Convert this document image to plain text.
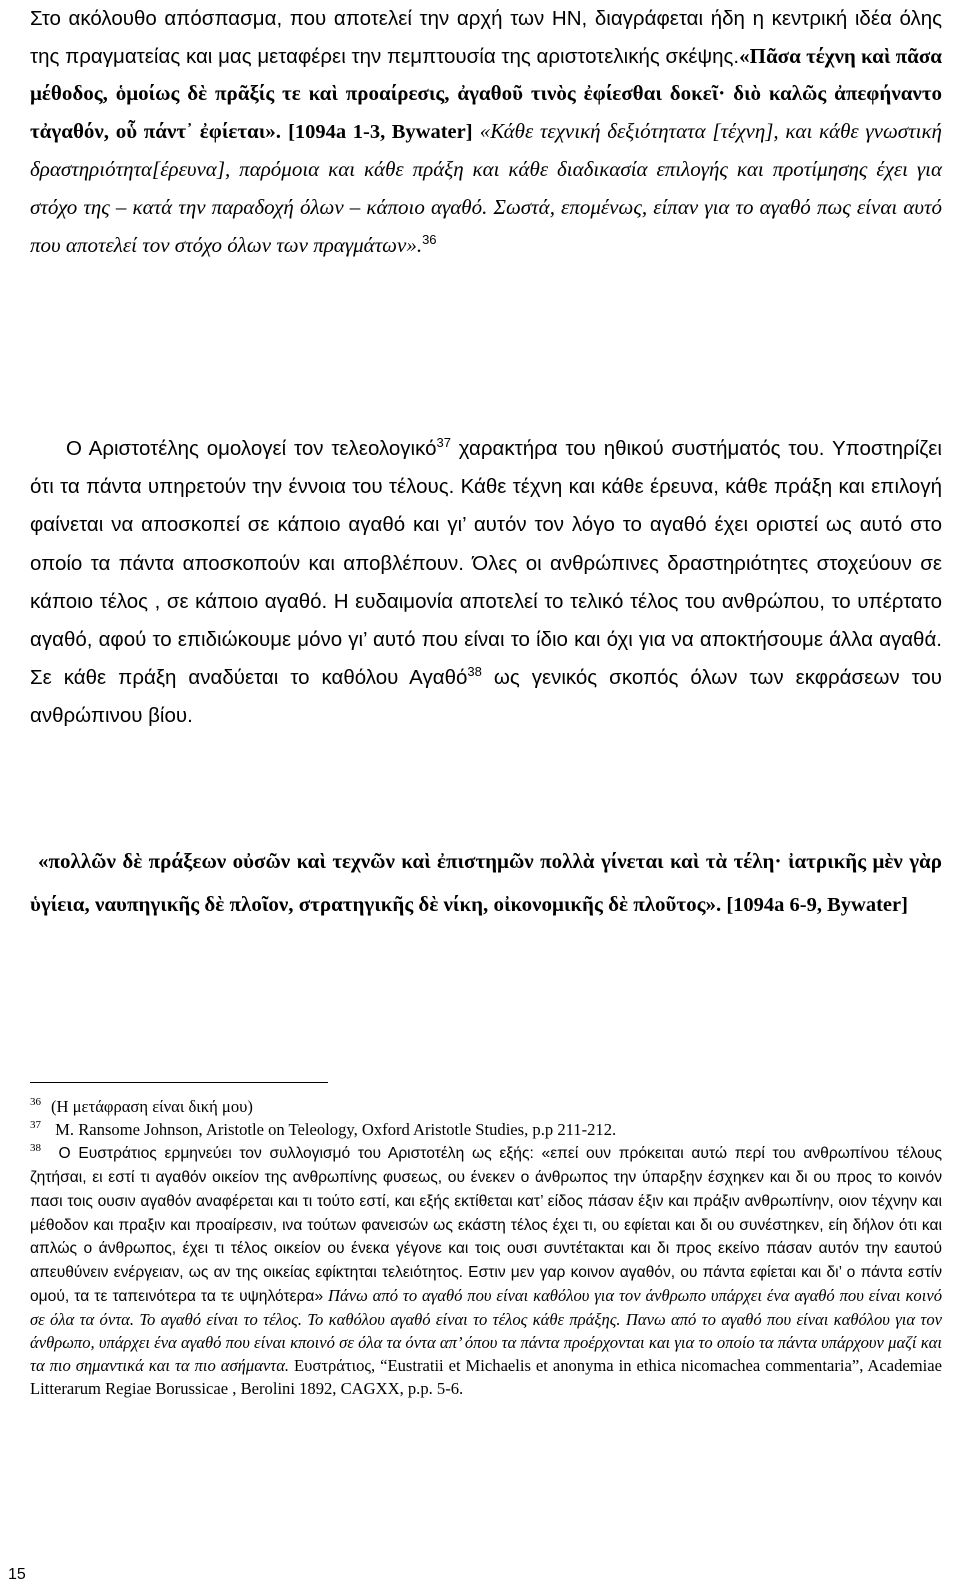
Στο ακόλουθο απόσπασμα, που αποτελεί την αρχή των ΗΝ, διαγράφεται ήδη η κεντρική ιδέα όλης της πραγματείας και μας μεταφέρει την πεμπτουσία της αριστοτελικής σκέψης.«Πᾶσα τέχνη καὶ πᾶσα μέθοδος, ὁμοίως δὲ πρᾶξίς τε καὶ προαίρεσις, ἀγαθοῦ τινὸς ἐφίεσθαι δοκεῖ· διὸ καλῶς ἀπεφήναντο τἀγαθόν, οὗ πάντ᾽ ἐφίεται». [1094a 1-3, Bywater] «Κάθε τεχνική δεξιότητατα [τέχνη], και κάθε γνωστική δραστηριότητα[έρευνα], παρόμοια και κάθε πράξη και κάθε διαδικασία επιλογής και προτίμησης έχει για στόχο της – κατά την παραδοχή όλων – κάποιο αγαθό. Σωστά, επομένως, είπαν για το αγαθό πως είναι αυτό που αποτελεί τον στόχο όλων των πραγμάτων».$^{36}$

Ο Αριστοτέλης ομολογεί τον τελεολογικό$^{37}$ χαρακτήρα του ηθικού συστήματός του. Υποστηρίζει ότι τα πάντα υπηρετούν την έννοια του τέλους. Κάθε τέχνη και κάθε έρευνα, κάθε πράξη και επιλογή φαίνεται να αποσκοπεί σε κάποιο αγαθό και γι’ αυτόν τον λόγο το αγαθό έχει οριστεί ως αυτό στο οποίο τα πάντα αποσκοπούν και αποβλέπουν. Όλες οι ανθρώπινες δραστηριότητες στοχεύουν σε κάποιο τέλος , σε κάποιο αγαθό. Η ευδαιμονία αποτελεί το τελικό τέλος του ανθρώπου, το υπέρτατο αγαθό, αφού το επιδιώκουμε μόνο γι’ αυτό που είναι το ίδιο και όχι για να αποκτήσουμε άλλα αγαθά. Σε κάθε πράξη αναδύεται το καθόλου Αγαθό$^{38}$ ως γενικός σκοπός όλων των εκφράσεων του ανθρώπινου βίου.

«πολλῶν δὲ πράξεων οὐσῶν καὶ τεχνῶν καὶ ἐπιστημῶν πολλὰ γίνεται καὶ τὰ τέλη· ἰατρικῆς μὲν γὰρ ὑγίεια, ναυπηγικῆς δὲ πλοῖον, στρατηγικῆς δὲ νίκη, οἰκονομικῆς δὲ πλοῦτος». [1094a 6-9, Bywater]

$^{36}$ (Η μετάφραση είναι δική μου)

$^{37}$ M. Ransome Johnson, Aristotle on Teleology, Oxford Aristotle Studies, p.p 211-212.

$^{38}$ Ο Ευστράτιος ερμηνεύει τον συλλογισμό του Αριστοτέλη ως εξής: «επεί ουν πρόκειται αυτώ περί του ανθρωπίνου τέλους ζητήσαι, ει εστί τι αγαθόν οικείον της ανθρωπίνης φυσεως, ου ένεκεν ο άνθρωπος την ύπαρξην έσχηκεν και δι ου προς το κοινόν πασι τοις ουσιν αγαθόν αναφέρεται και τι τούτο εστί, και εξής εκτίθεται κατ’ είδος πάσαν έξιν και πράξιν ανθρωπίνην, οιον τέχνην και μέθοδον και πραξιν και προαίρεσιν, ινα τούτων φανεισών ως εκάστη τέλος έχει τι, ου εφίεται και δι ου συνέστηκεν, είη δήλον ότι και απλώς ο άνθρωπος, έχει τι τέλος οικείον ου ένεκα γέγονε και τοις ουσι συντέτακται και δι προς εκείνο πάσαν αυτόν την εαυτού απευθύνειν ενέργειαν, ως αν της οικείας εφίκτηται τελειότητος. Εστιν μεν γαρ κοινον αγαθόν, ου πάντα εφίεται και δι’ ο πάντα εστίν ομού, τα τε ταπεινότερα τα τε υψηλότερα» Πάνω από το αγαθό που είναι καθόλου για τον άνθρωπο υπάρχει ένα αγαθό που είναι κοινό σε όλα τα όντα. Το αγαθό είναι το τέλος. Το καθόλου αγαθό είναι το τέλος κάθε πράξης. Πανω από το αγαθό που είναι καθόλου για τον άνθρωπο, υπάρχει ένα αγαθό που είναι κποινό σε όλα τα όντα απ’ όπου τα πάντα προέρχονται και για το οποίο τα πάντα υπάρχουν μαζί και τα πιο σημαντικά και τα πιο ασήμαντα. Ευστράτιος, “Eustratii et Michaelis et anonyma in ethica nicomachea commentaria”, Academiae Litterarum Regiae Borussicae , Berolini 1892, CAGXX, p.p. 5-6.

15
